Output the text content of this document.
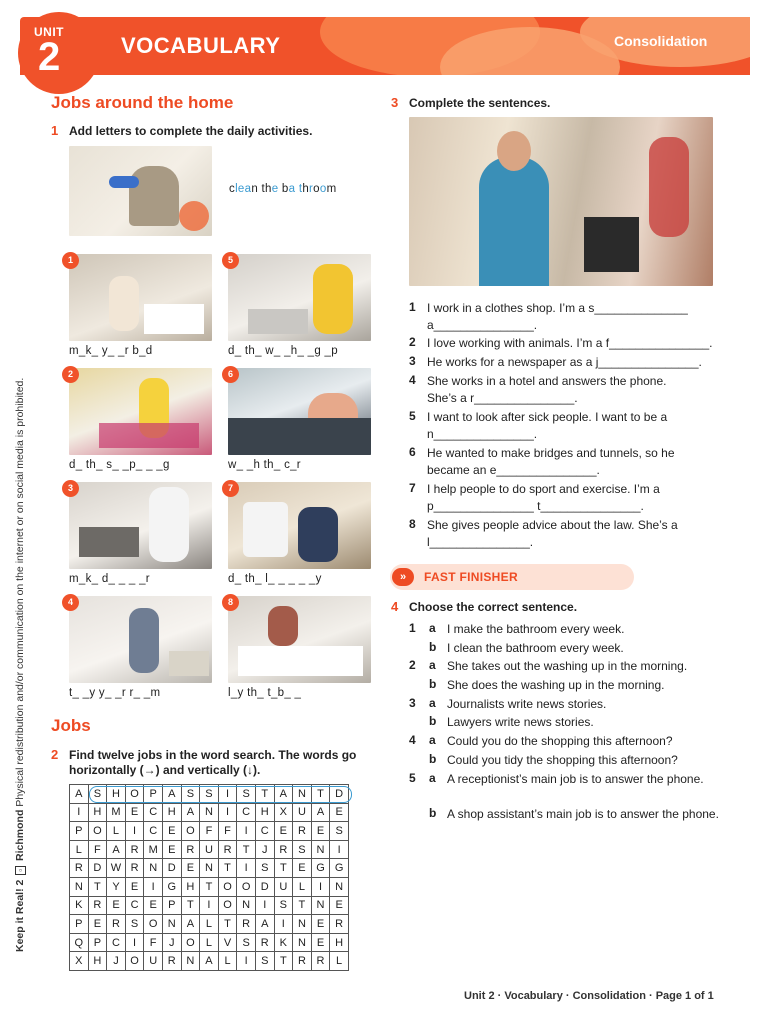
UNIT
2	VOCABULARY	Consolidation
Keep it Real! 2 ▫ Richmond Physical redistribution and/or communication on the internet or on social media is prohibited.
Jobs around the home
1 Add letters to complete the daily activities.
clean the ba throom
1
m_k_ y_ _r b_d
2
d_ th_ s_ _p_ _ _g
3
m_k_ d_ _ _ _r
4
t_ _y y_ _r r_ _m
5
d_ th_ w_ _h_ _g _p
6
w_ _h th_ c_r
7
d_ th_ l_ _ _ _ _y
8
l_y th_ t_b_ _
Jobs
2 Find twelve jobs in the word search. The words go horizontally (→) and vertically (↓).
A	S	H	O	P	A	S	S	I	S	T	A	N	T	D
I	H	M	E	C	H	A	N	I	C	H	X	U	A	E
P	O	L	I	C	E	O	F	F	I	C	E	R	E	S
L	F	A	R	M	E	R	U	R	T	J	R	S	N	I
R	D	W	R	N	D	E	N	T	I	S	T	E	G	G
N	T	Y	E	I	G	H	T	O	O	D	U	L	I	N
K	R	E	C	E	P	T	I	O	N	I	S	T	N	E
P	E	R	S	O	N	A	L	T	R	A	I	N	E	R
Q	P	C	I	F	J	O	L	V	S	R	K	N	E	H
X	H	J	O	U	R	N	A	L	I	S	T	R	R	L
3 Complete the sentences.
1 I work in a clothes shop. I’m a s______________
a_______________.
2 I love working with animals. I’m a f_______________.
3 He works for a newspaper as a j_______________.
4 She works in a hotel and answers the phone.
She’s a r_______________.
5 I want to look after sick people. I want to be a
n_______________.
6 He wanted to make bridges and tunnels, so he
became an e_______________.
7 I help people to do sport and exercise. I’m a
p_______________ t_______________.
8 She gives people advice about the law. She’s a
l_______________.
»	FAST FINISHER
4 Choose the correct sentence.
1 a I make the bathroom every week.
b I clean the bathroom every week.
2 a She takes out the washing up in the morning.
b She does the washing up in the morning.
3 a Journalists write news stories.
b Lawyers write news stories.
4 a Could you do the shopping this afternoon?
b Could you tidy the shopping this afternoon?
5 a A receptionist’s main job is to answer the phone.
b A shop assistant’s main job is to answer the phone.
Unit 2 · Vocabulary · Consolidation · Page 1 of 1
